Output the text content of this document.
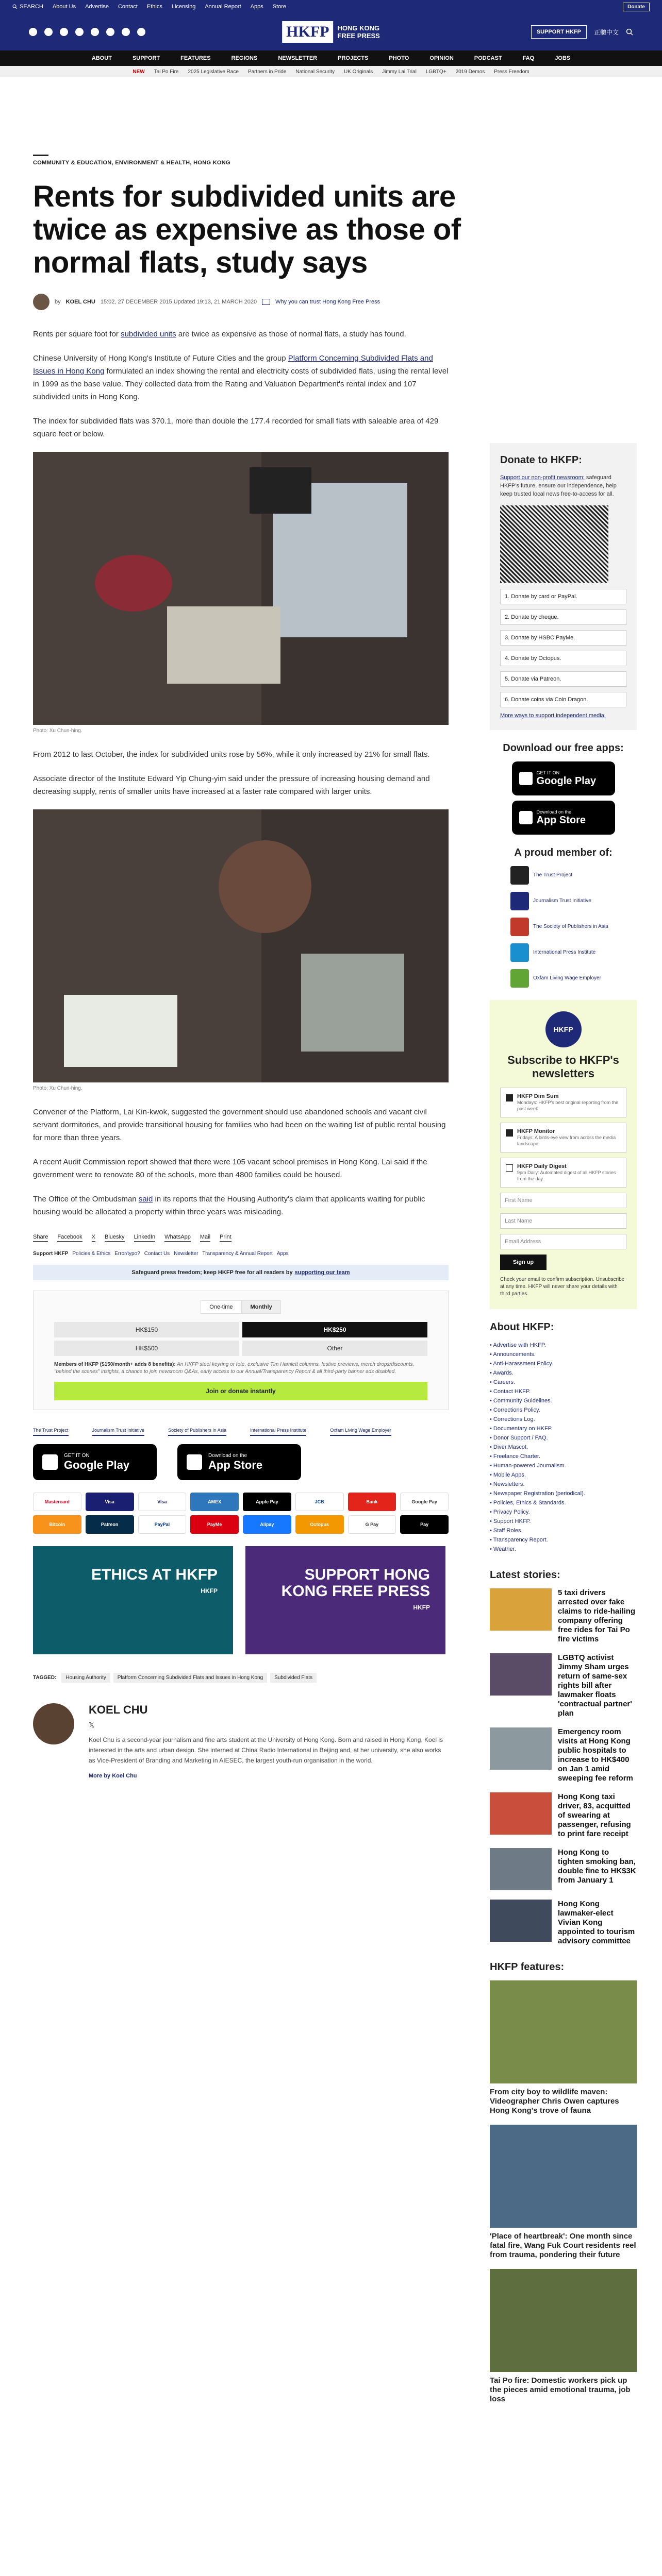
SEARCH About Us Advertise Contact Ethics Licensing Annual Report Apps Store	Donate
HKFP	HONG KONG
FREE PRESS	SUPPORT HKFP	正體中文
ABOUT	SUPPORT	FEATURES	REGIONS	NEWSLETTER	PROJECTS	PHOTO	OPINION	PODCAST	FAQ	JOBS
NEW Tai Po Fire 2025 Legislative Race Partners in Pride National Security UK Originals Jimmy Lai Trial LGBTQ+ 2019 Demos Press Freedom
COMMUNITY & EDUCATION, ENVIRONMENT & HEALTH, HONG KONG
Rents for subdivided units are twice as expensive as those of normal flats, study says
by KOEL CHU 15:02, 27 DECEMBER 2015 Updated 19:13, 21 MARCH 2020	Why you can trust Hong Kong Free Press

Rents per square foot for subdivided units are twice as expensive as those of normal flats, a study has found.

Chinese University of Hong Kong's Institute of Future Cities and the group Platform Concerning Subdivided Flats and Issues in Hong Kong formulated an index showing the rental and electricity costs of subdivided flats, using the rental level in 1999 as the base value. They collected data from the Rating and Valuation Department's rental index and 107 subdivided units in Hong Kong.

The index for subdivided flats was 370.1, more than double the 177.4 recorded for small flats with saleable area of 429 square feet or below.

Photo: Xu Chun-hing.

From 2012 to last October, the index for subdivided units rose by 56%, while it only increased by 21% for small flats.

Associate director of the Institute Edward Yip Chung-yim said under the pressure of increasing housing demand and decreasing supply, rents of smaller units have increased at a faster rate compared with larger units.

Photo: Xu Chun-hing.

Convener of the Platform, Lai Kin-kwok, suggested the government should use abandoned schools and vacant civil servant dormitories, and provide transitional housing for families who had been on the waiting list of public rental housing for more than three years.

A recent Audit Commission report showed that there were 105 vacant school premises in Hong Kong. Lai said if the government were to renovate 80 of the schools, more than 4800 families could be housed.

The Office of the Ombudsman said in its reports that the Housing Authority's claim that applicants waiting for public housing would be allocated a property within three years was misleading.

Share Facebook X Bluesky LinkedIn WhatsApp Mail Print
Support HKFP Policies & Ethics Error/typo? Contact Us Newsletter Transparency & Annual Report Apps
Safeguard press freedom; keep HKFP free for all readers by supporting our team
One-time	Monthly
HK$150	HK$250
HK$500	Other
Members of HKFP ($150/month+ adds 8 benefits): An HKFP steel keyring or tote, exclusive Tim Hamlett columns, festive previews, merch drops/discounts, "behind the scenes" insights, a chance to join newsroom Q&As, early access to our Annual/Transparency Report & all third-party banner ads disabled.
Join or donate instantly
The Trust Project	Journalism Trust Initiative	Society of Publishers in Asia	International Press Institute	Oxfam Living Wage Employer
GET IT ON
Google Play
Download on the
App Store
Mastercard	Visa	Visa	AMEX	Apple Pay	JCB	Bank	Google Pay
Bitcoin	Patreon	PayPal	PayMe	Alipay	Octopus	G Pay	Pay
ETHICS AT HKFP
HKFP
SUPPORT HONG KONG FREE PRESS
HKFP
TAGGED:	Housing Authority	Platform Concerning Subdivided Flats and Issues in Hong Kong	Subdivided Flats
KOEL CHU
𝕏

Koel Chu is a second-year journalism and fine arts student at the University of Hong Kong. Born and raised in Hong Kong, Koel is interested in the arts and urban design. She interned at China Radio International in Beijing and, at her university, she also works as Vice-President of Branding and Marketing in AIESEC, the largest youth-run organisation in the world.

More by Koel Chu
Donate to HKFP:
Support our non-profit newsroom: safeguard HKFP's future, ensure our independence, help keep trusted local news free-to-access for all.
1. Donate by card or PayPal.
2. Donate by cheque.
3. Donate by HSBC PayMe.
4. Donate by Octopus.
5. Donate via Patreon.
6. Donate coins via Coin Dragon.
More ways to support independent media.
Download our free apps:
GET IT ON
Google Play
Download on the
App Store
A proud member of:
The Trust Project
Journalism Trust Initiative
The Society of Publishers in Asia
International Press Institute
Oxfam Living Wage Employer
HKFP
Subscribe to HKFP's newsletters
HKFP Dim Sum
Mondays: HKFP's best original reporting from the past week.
HKFP Monitor
Fridays: A birds-eye view from across the media landscape.
HKFP Daily Digest
9pm Daily: Automated digest of all HKFP stories from the day.
First Name
Last Name
Email Address
Sign up
Check your email to confirm subscription. Unsubscribe at any time. HKFP will never share your details with third parties.
About HKFP:
• Advertise with HKFP.
• Announcements.
• Anti-Harassment Policy.
• Awards.
• Careers.
• Contact HKFP.
• Community Guidelines.
• Corrections Policy.
• Corrections Log.
• Documentary on HKFP.
• Donor Support / FAQ.
• Diver Mascot.
• Freelance Charter.
• Human-powered Journalism.
• Mobile Apps.
• Newsletters.
• Newspaper Registration (periodical).
• Policies, Ethics & Standards.
• Privacy Policy.
• Support HKFP.
• Staff Roles.
• Transparency Report.
• Weather.
Latest stories:
5 taxi drivers arrested over fake claims to ride-hailing company offering free rides for Tai Po fire victims
LGBTQ activist Jimmy Sham urges return of same-sex rights bill after lawmaker floats 'contractual partner' plan
Emergency room visits at Hong Kong public hospitals to increase to HK$400 on Jan 1 amid sweeping fee reform
Hong Kong taxi driver, 83, acquitted of swearing at passenger, refusing to print fare receipt
Hong Kong to tighten smoking ban, double fine to HK$3K from January 1
Hong Kong lawmaker-elect Vivian Kong appointed to tourism advisory committee
HKFP features:
From city boy to wildlife maven: Videographer Chris Owen captures Hong Kong's trove of fauna
'Place of heartbreak': One month since fatal fire, Wang Fuk Court residents reel from trauma, pondering their future
Tai Po fire: Domestic workers pick up the pieces amid emotional trauma, job loss
